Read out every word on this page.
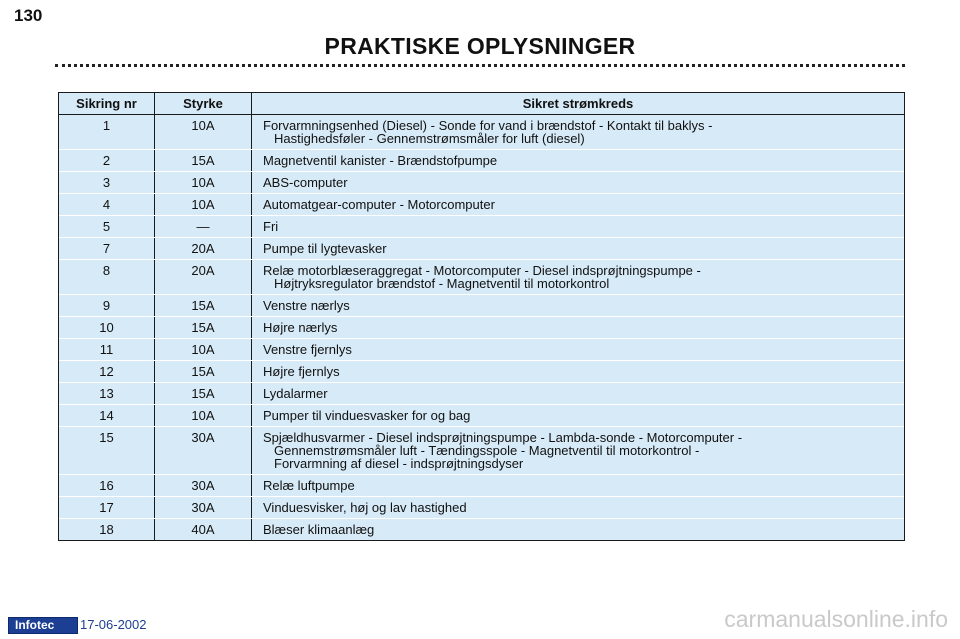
130
PRAKTISKE OPLYSNINGER
Sikring nr	Styrke	Sikret strømkreds
1	10A	Forvarmningsenhed (Diesel) - Sonde for vand i brændstof - Kontakt til baklys -
Hastighedsføler - Gennemstrømsmåler for luft (diesel)

2	15A	Magnetventil kanister - Brændstofpumpe

3	10A	ABS-computer

4	10A	Automatgear-computer - Motorcomputer

5	—	Fri

7	20A	Pumpe til lygtevasker

8	20A	Relæ motorblæseraggregat - Motorcomputer - Diesel indsprøjtningspumpe -
Højtryksregulator brændstof - Magnetventil til motorkontrol

9	15A	Venstre nærlys

10	15A	Højre nærlys

11	10A	Venstre fjernlys

12	15A	Højre fjernlys

13	15A	Lydalarmer

14	10A	Pumper til vinduesvasker for og bag

15	30A	Spjældhusvarmer - Diesel indsprøjtningspumpe - Lambda-sonde - Motorcomputer -
Gennemstrømsmåler luft - Tændingsspole - Magnetventil til motorkontrol -
Forvarmning af diesel - indsprøjtningsdyser

16	30A	Relæ luftpumpe

17	30A	Vinduesvisker, høj og lav hastighed

18	40A	Blæser klimaanlæg
Infotec 17-06-2002	carmanualsonline.info
